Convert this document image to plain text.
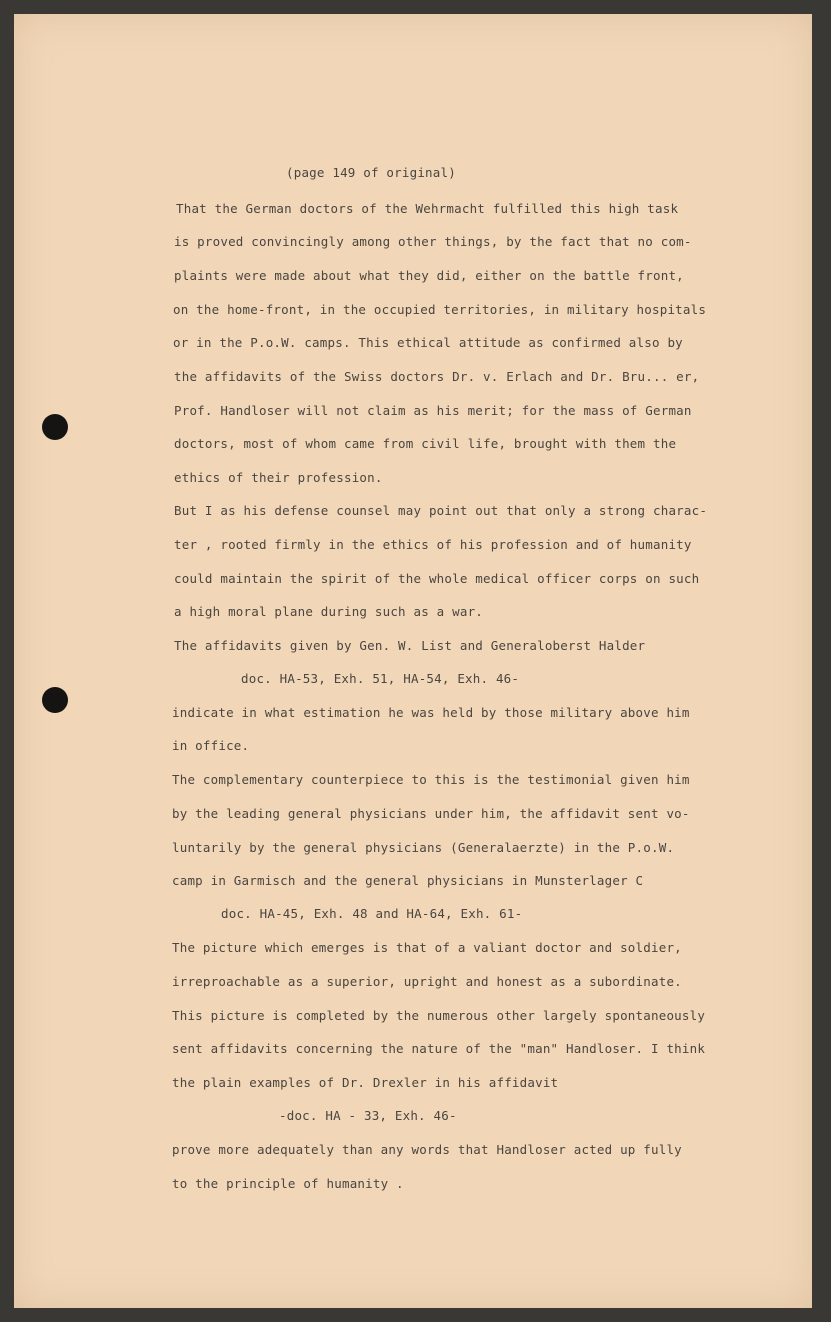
(page 149 of original)

That the German doctors of the Wehrmacht fulfilled this high task

is proved convincingly among other things, by the fact that no com-

plaints were made about what they did, either on the battle front,

on the home-front, in the occupied territories, in military hospitals

or in the P.o.W. camps. This ethical attitude as confirmed also by

the affidavits of the Swiss doctors Dr. v. Erlach and Dr. Bru... er,

Prof. Handloser will not claim as his merit; for the mass of German

doctors, most of whom came from civil life, brought with them the

ethics of their profession.

But I as his defense counsel may point out that only a strong charac-

ter , rooted firmly in the ethics of his profession and of humanity

could maintain the spirit of the whole medical officer corps on such

a high moral plane during such as a war.

The affidavits given by Gen. W. List and Generaloberst Halder

doc. HA-53, Exh. 51, HA-54, Exh. 46-

indicate in what estimation he was held by those military above him

in office.

The complementary counterpiece to this is the testimonial given him

by the leading general physicians under him, the affidavit sent vo-

luntarily by the general physicians (Generalaerzte) in the P.o.W.

camp in Garmisch and the general physicians in Munsterlager C

doc. HA-45, Exh. 48 and HA-64, Exh. 61-

The picture which emerges is that of a valiant doctor and soldier,

irreproachable as a superior, upright and honest as a subordinate.

This picture is completed by the numerous other largely spontaneously

sent affidavits concerning the nature of the "man" Handloser. I think

the plain examples of Dr. Drexler in his affidavit

-doc. HA - 33, Exh. 46-

prove more adequately than any words that Handloser acted up fully

to the principle of humanity .
